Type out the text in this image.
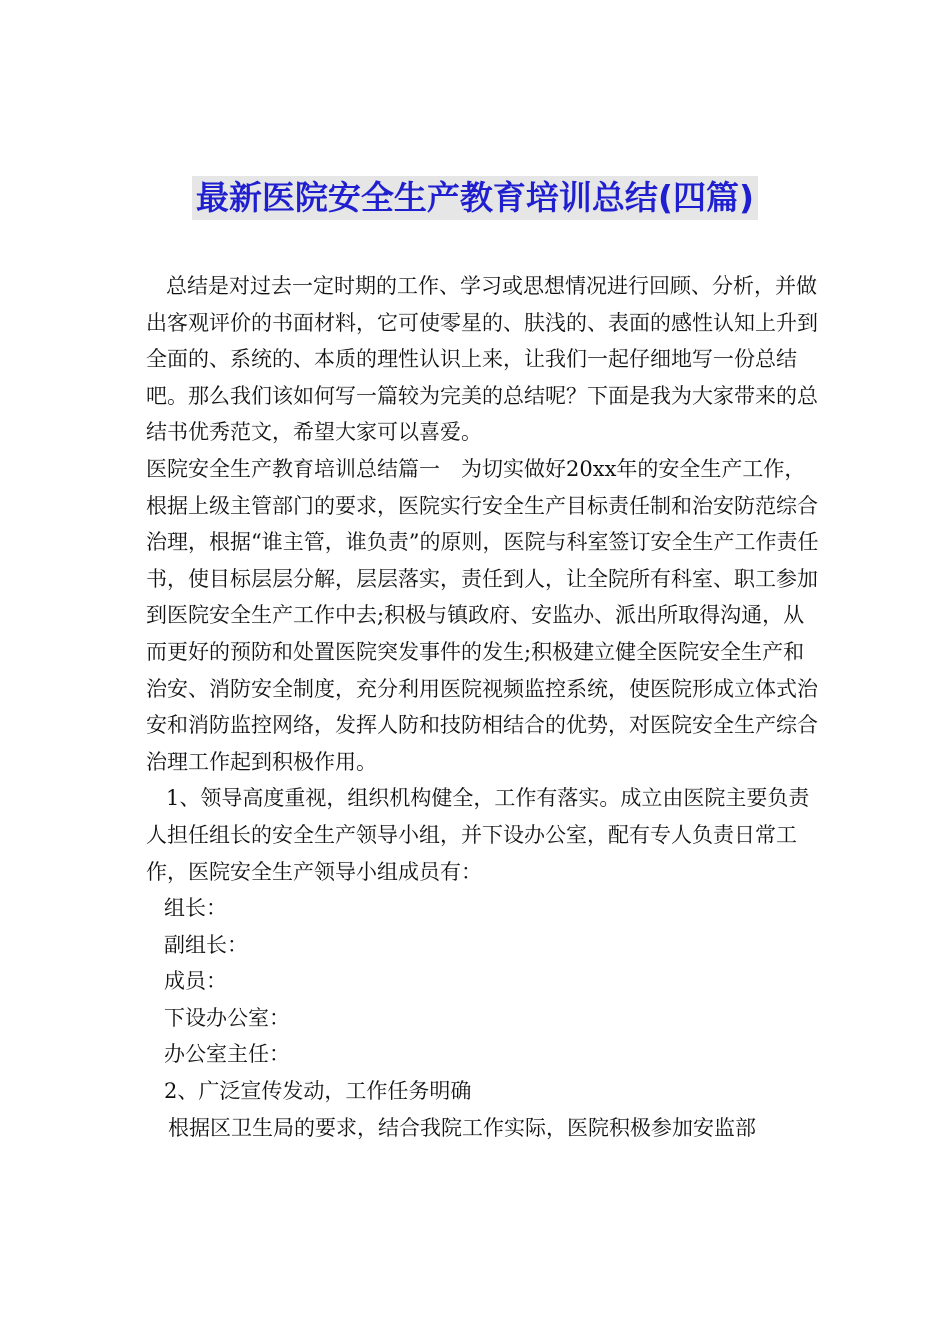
最新医院安全生产教育培训总结(四篇)

总结是对过去一定时期的工作、学习或思想情况进行回顾、分析，并做出客观评价的书面材料，它可使零星的、肤浅的、表面的感性认知上升到全面的、系统的、本质的理性认识上来，让我们一起仔细地写一份总结吧。那么我们该如何写一篇较为完美的总结呢？下面是我为大家带来的总结书优秀范文，希望大家可以喜爱。

医院安全生产教育培训总结篇一　为切实做好20xx年的安全生产工作，根据上级主管部门的要求，医院实行安全生产目标责任制和治安防范综合治理，根据“谁主管，谁负责”的原则，医院与科室签订安全生产工作责任书，使目标层层分解，层层落实，责任到人，让全院所有科室、职工参加到医院安全生产工作中去;积极与镇政府、安监办、派出所取得沟通，从而更好的预防和处置医院突发事件的发生;积极建立健全医院安全生产和治安、消防安全制度，充分利用医院视频监控系统，使医院形成立体式治安和消防监控网络，发挥人防和技防相结合的优势，对医院安全生产综合治理工作起到积极作用。

1、领导高度重视，组织机构健全，工作有落实。成立由医院主要负责人担任组长的安全生产领导小组，并下设办公室，配有专人负责日常工作，医院安全生产领导小组成员有：

组长：

副组长：

成员：

下设办公室：

办公室主任：

2、广泛宣传发动，工作任务明确

根据区卫生局的要求，结合我院工作实际，医院积极参加安监部
